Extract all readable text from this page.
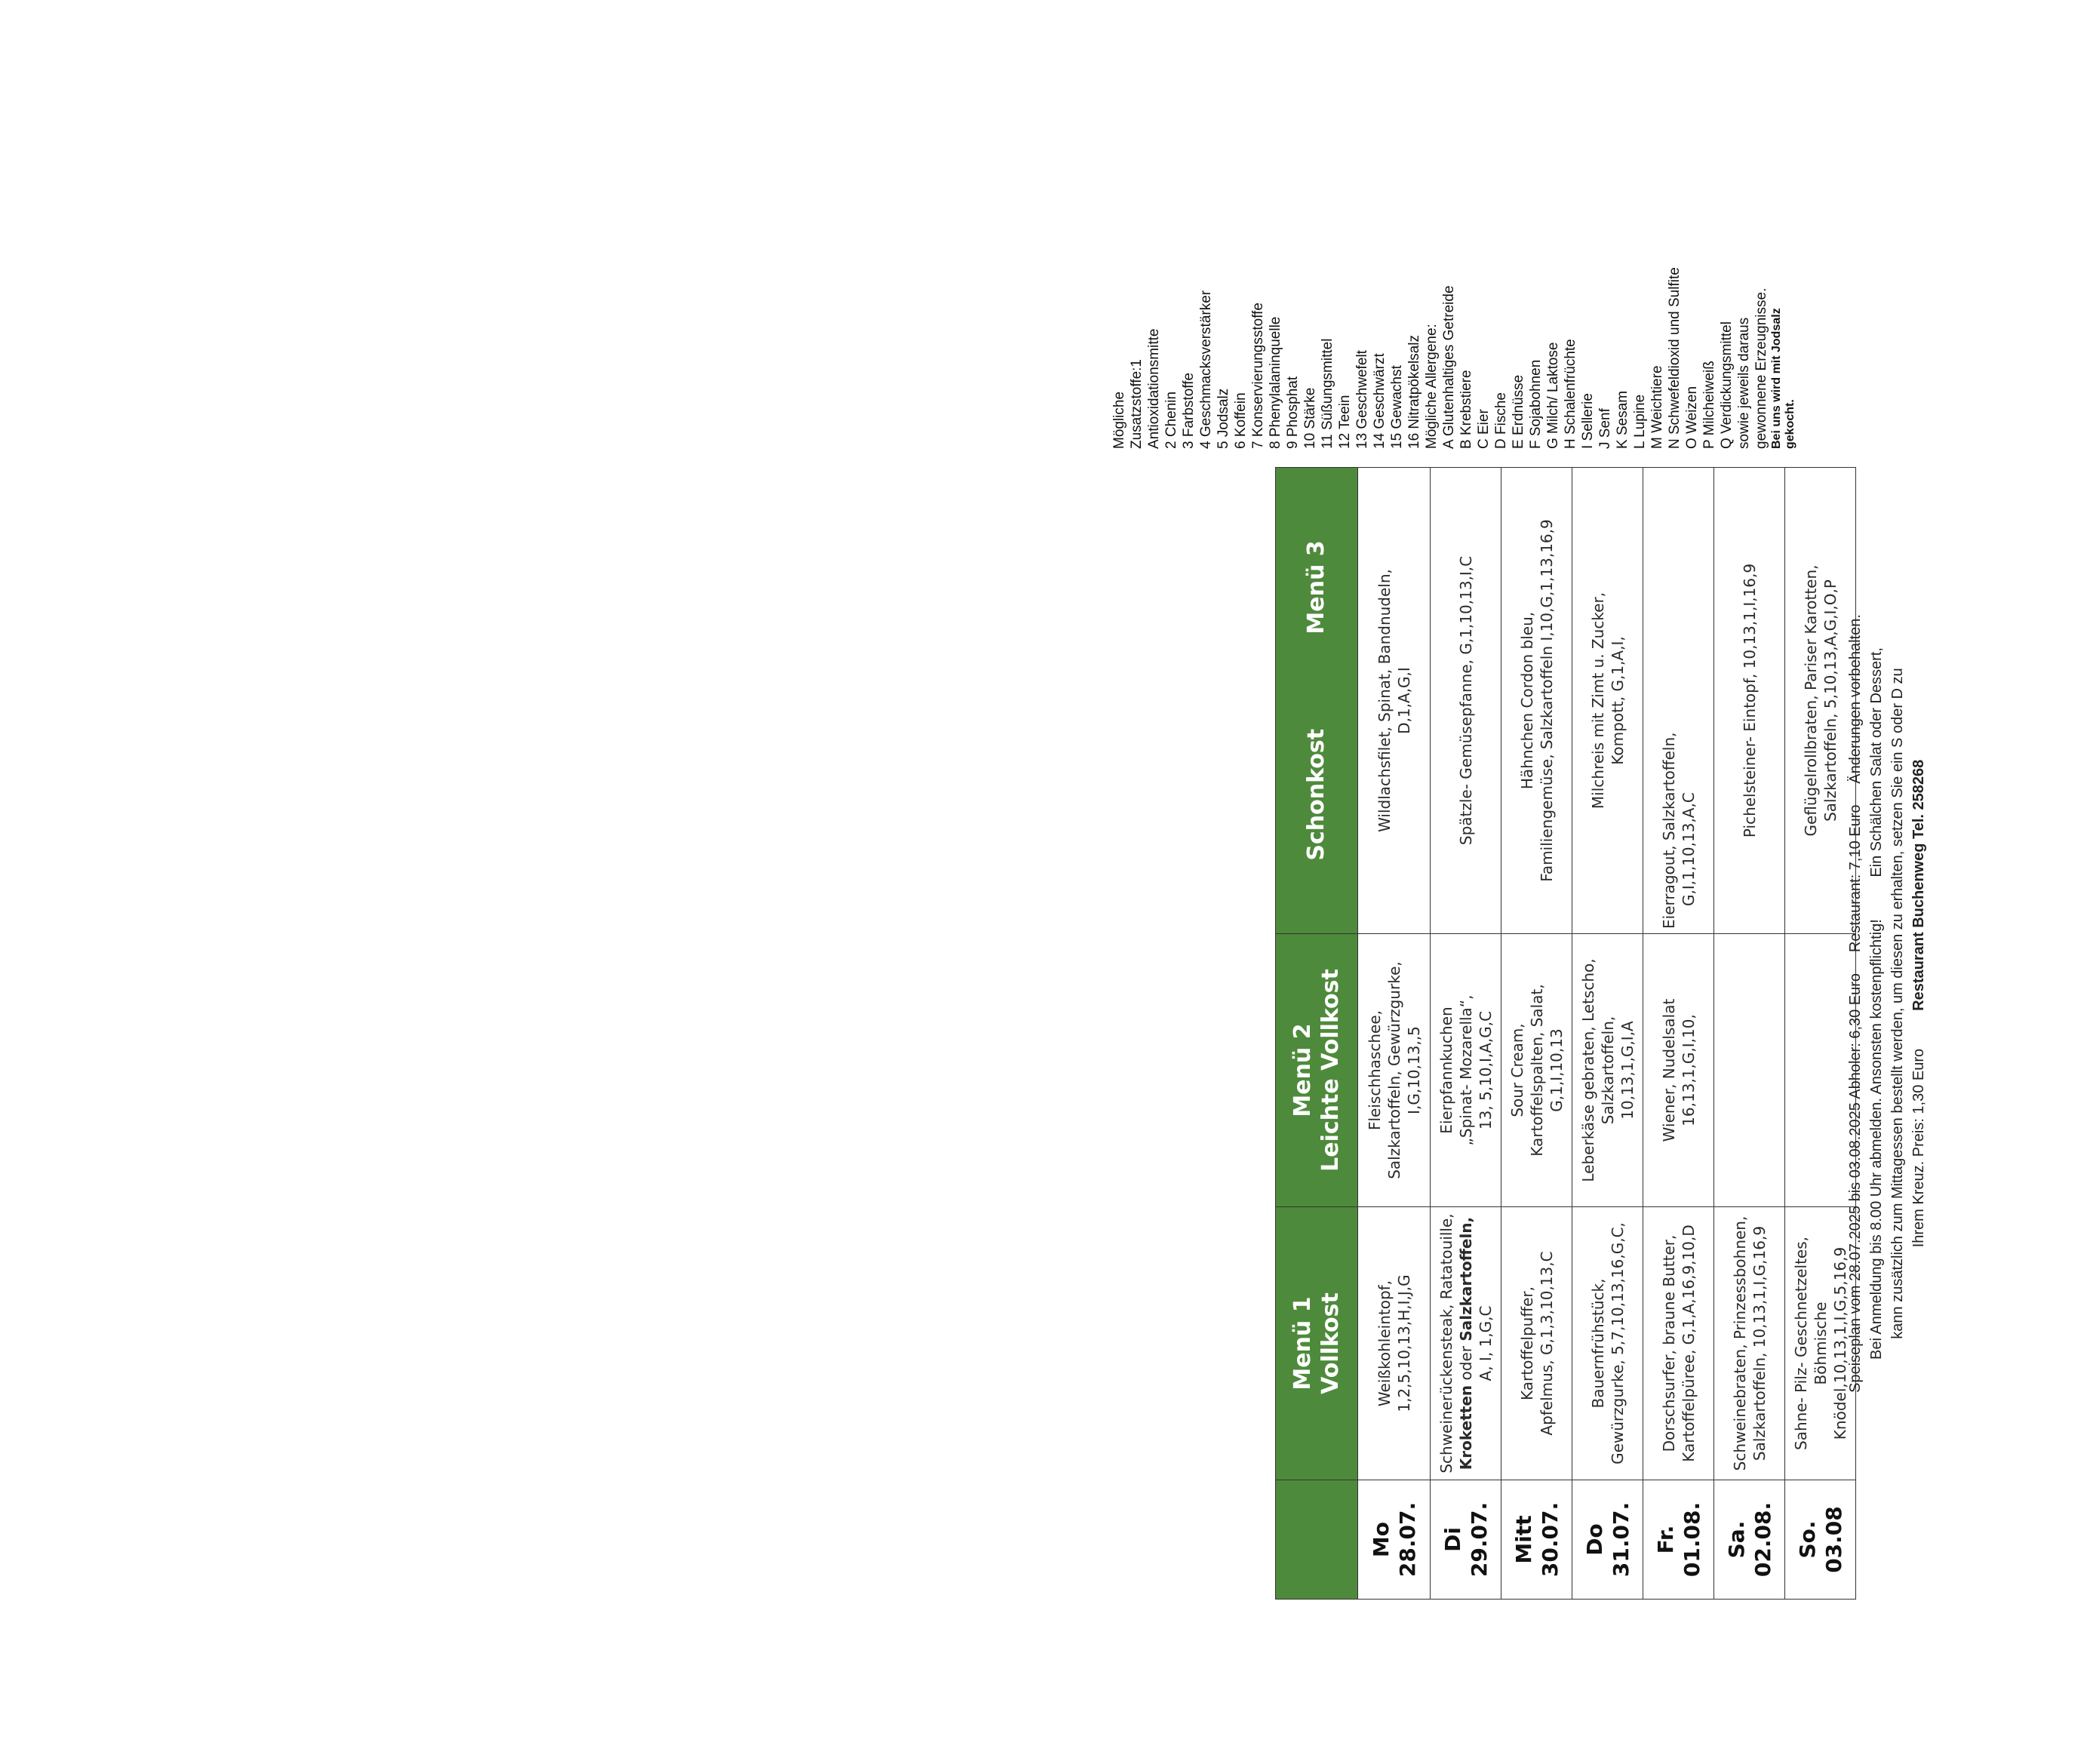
	Menü 1 Vollkost	Menü 2 Leichte Vollkost	Schonkost            Menü 3

Mo 28.07.	Weißkohleintopf, 1,2,5,10,13,H,I,J,G	Fleischhaschee, Salzkartoffeln, Gewürzgurke, I,G,10,13,,5	Wildlachsfilet, Spinat, Bandnudeln, D,1,A,G,I

Di 29.07.	Schweinerückensteak, Ratatouille, Kroketten oder Salzkartoffeln,
A, I, 1,G,C	Eierpfannkuchen „Spinat- Mozarella“, 13, 5,10,I,A,G,C	Spätzle- Gemüsepfanne, G,1,10,13,I,C

Mitt 30.07.	Kartoffelpuffer, Apfelmus, G,1,3,10,13,C	Sour Cream, Kartoffelspalten, Salat, G,1,I,10,13	Hähnchen Cordon bleu, Familiengemüse, Salzkartoffeln I,10,G,1,13,16,9

Do 31.07.	Bauernfrühstück, Gewürzgurke, 5,7,10,13,16,G,C,	Leberkäse gebraten, Letscho, Salzkartoffeln, 10,13,1,G,I,A	Milchreis mit Zimt u. Zucker, Kompott, G,1,A,I,

Fr. 01.08.	Dorschsurfer, braune Butter, Kartoffelpüree, G,1,A,16,9,10,D	Wiener, Nudelsalat 16,13,1,G,I,10,	Eierragout, Salzkartoffeln, G,I,1,10,13,A,C

Sa. 02.08.	Schweinebraten, Prinzessbohnen, Salzkartoffeln, 10,13,1,I,G,16,9		Pichelsteiner- Eintopf, 10,13,1,I,16,9

So. 03.08	Sahne- Pilz- Geschnetzeltes, Böhmische Knödel,10,13,1,I,G,5,16,9		Geflügelrollbraten, Pariser Karotten, Salzkartoffeln, 5,10,13,A,G,I,O,P Speiseplan vom 28.07.2025 bis 03.08.2025 Abholer: 6,30 Euro     Restaurant: 7,10 Euro     Änderungen vorbehalten. Bei Anmeldung bis 8.00 Uhr abmelden. Ansonsten kostenpflichtig!          Ein Schälchen Salat oder Dessert, kann zusätzlich zum Mittagessen bestellt werden, um diesen zu erhalten, setzen Sie ein S oder D zu Ihrem Kreuz. Preis: 1,30 Euro         Restaurant Buchenweg Tel. 258268
Mögliche Zusatzstoffe:1 Antioxidationsmitte 2 Chenin 3 Farbstoffe 4 Geschmacksverstärker 5 Jodsalz 6 Koffein 7 Konservierungsstoffe 8 Phenylalaninquelle 9 Phosphat 10 Stärke 11 Süßungsmittel 12 Teein 13 Geschwefelt 14 Geschwärzt 15 Gewachst 16 Nitratpökelsalz Mögliche Allergene: A Glutenhaltiges Getreide B Krebstiere C Eier D Fische E Erdnüsse F Sojabohnen G Milch/ Laktose H Schalenfrüchte I Sellerie J Senf K Sesam L Lupine M Weichtiere N Schwefeldioxid und Sulfite O Weizen P Milcheiweiß Q Verdickungsmittel sowie jeweils daraus gewonnene Erzeugnisse. Bei uns wird mit Jodsalz gekocht.
